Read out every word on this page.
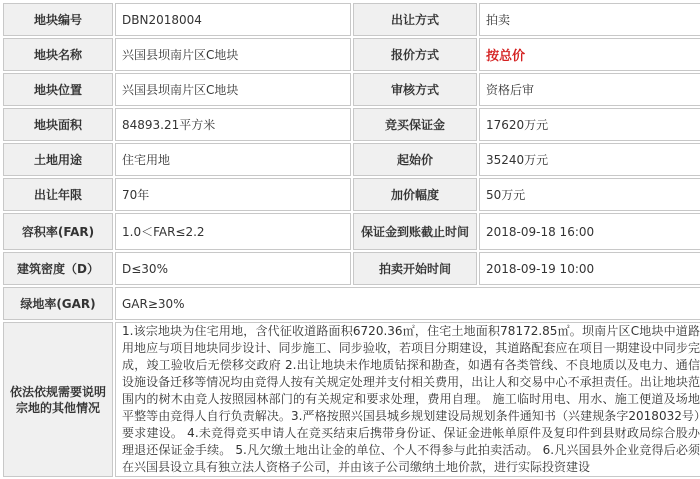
地块编号	DBN2018004	出让方式	拍卖
地块名称	兴国县坝南片区C地块	报价方式	按总价
地块位置	兴国县坝南片区C地块	审核方式	资格后审
地块面积	84893.21平方米	竞买保证金	17620万元
土地用途	住宅用地	起始价	35240万元
出让年限	70年	加价幅度	50万元
容积率(FAR)	1.0＜FAR≤2.2	保证金到账截止时间	2018-09-18 16:00
建筑密度（D）	D≤30%	拍卖开始时间	2018-09-19 10:00
绿地率(GAR)	GAR≥30%		
依法依规需要说明宗地的其他情况	1.该宗地块为住宅用地，含代征收道路面积6720.36㎡，住宅土地面积78172.85㎡。坝南片区C地块中道路用地应与项目地块同步设计、同步施工、同步验收，若项目分期建设，其道路配套应在项目一期建设中同步完成，竣工验收后无偿移交政府 2.出让地块未作地质钻探和勘查，如遇有各类管线、不良地质以及电力、通信设施设备迁移等情况均由竞得人按有关规定处理并支付相关费用，出让人和交易中心不承担责任。出让地块范围内的树木由竞人按照园林部门的有关规定和要求处理，费用自理。 施工临时用电、用水、施工便道及场地平整等由竞得人自行负责解决。3.严格按照兴国县城乡规划建设局规划条件通知书（兴建规条字2018032号）要求建设。 4.未竞得竞买申请人在竞买结束后携带身份证、保证金进帐单原件及复印件到县财政局综合股办理退还保证金手续。 5.凡欠缴土地出让金的单位、个人不得参与此拍卖活动。 6.凡兴国县外企业竞得后必须在兴国县设立具有独立法人资格子公司，并由该子公司缴纳土地价款，进行实际投资建设		
